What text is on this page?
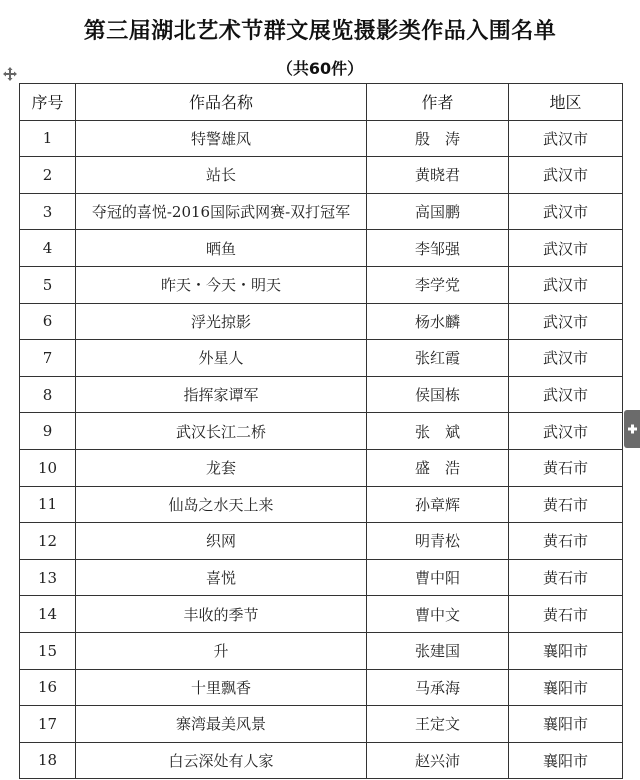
第三届湖北艺术节群文展览摄影类作品入围名单
（共60件）
序号	作品名称	作者	地区
1	特警雄风	殷　涛	武汉市
2	站长	黄晓君	武汉市
3	夺冠的喜悦-2016国际武网赛-双打冠军	高国鹏	武汉市
4	晒鱼	李邹强	武汉市
5	昨天・今天・明天	李学党	武汉市
6	浮光掠影	杨水麟	武汉市
7	外星人	张红霞	武汉市
8	指挥家谭军	侯国栋	武汉市
9	武汉长江二桥	张　斌	武汉市
10	龙套	盛　浩	黄石市
11	仙岛之水天上来	孙章辉	黄石市
12	织网	明青松	黄石市
13	喜悦	曹中阳	黄石市
14	丰收的季节	曹中文	黄石市
15	升	张建国	襄阳市
16	十里飘香	马承海	襄阳市
17	寨湾最美风景	王定文	襄阳市
18	白云深处有人家	赵兴沛	襄阳市
